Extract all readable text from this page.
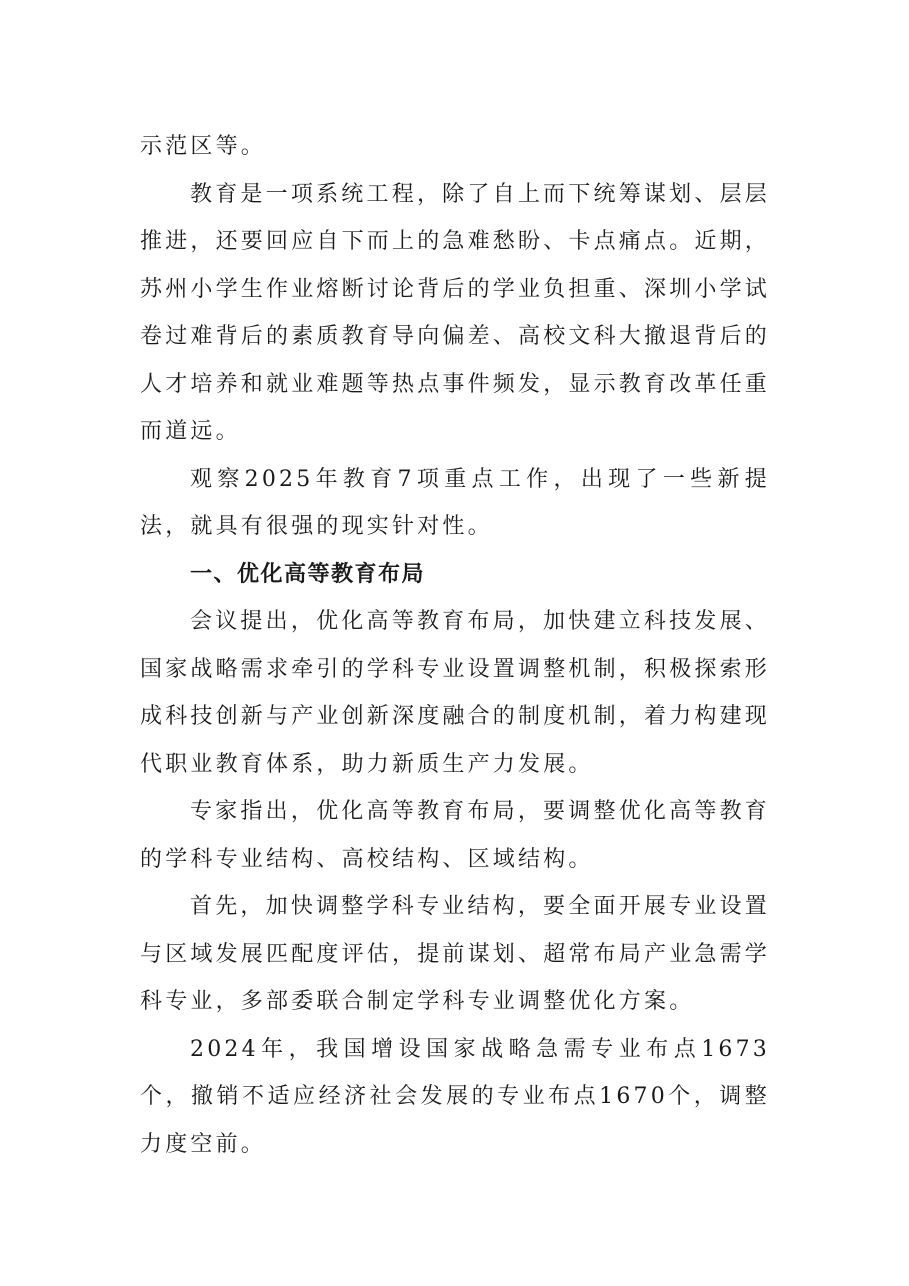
示范区等。

教育是一项系统工程，除了自上而下统筹谋划、层层推进，还要回应自下而上的急难愁盼、卡点痛点。近期，苏州小学生作业熔断讨论背后的学业负担重、深圳小学试卷过难背后的素质教育导向偏差、高校文科大撤退背后的人才培养和就业难题等热点事件频发，显示教育改革任重而道远。

观察2025年教育7项重点工作，出现了一些新提法，就具有很强的现实针对性。

一、优化高等教育布局

会议提出，优化高等教育布局，加快建立科技发展、国家战略需求牵引的学科专业设置调整机制，积极探索形成科技创新与产业创新深度融合的制度机制，着力构建现代职业教育体系，助力新质生产力发展。

专家指出，优化高等教育布局，要调整优化高等教育的学科专业结构、高校结构、区域结构。

首先，加快调整学科专业结构，要全面开展专业设置与区域发展匹配度评估，提前谋划、超常布局产业急需学科专业，多部委联合制定学科专业调整优化方案。

2024年，我国增设国家战略急需专业布点1673个，撤销不适应经济社会发展的专业布点1670个，调整力度空前。
